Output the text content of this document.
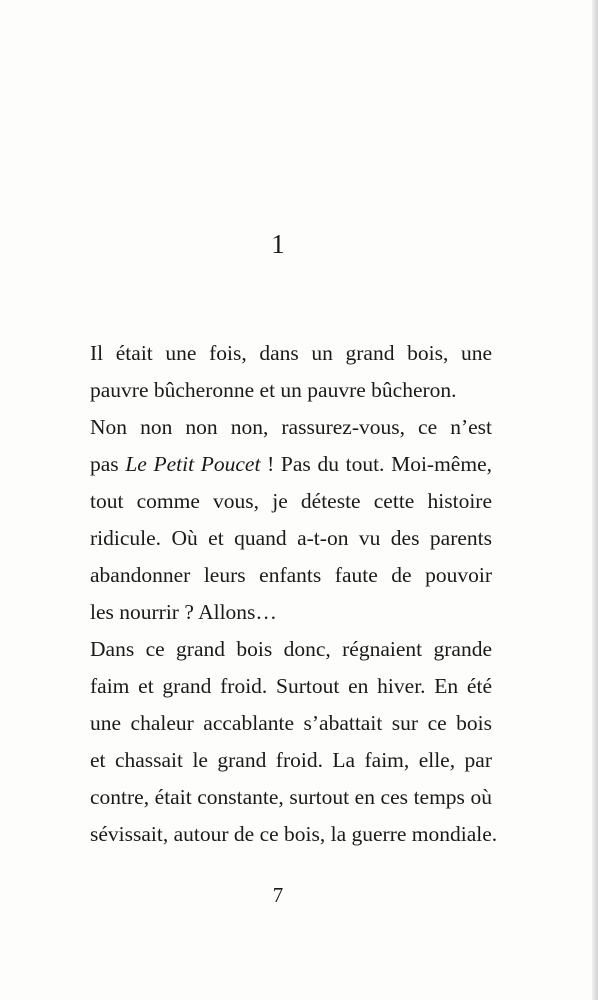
1
Il était une fois, dans un grand bois, une
pauvre bûcheronne et un pauvre bûcheron.
Non non non non, rassurez-vous, ce n’est
pas Le Petit Poucet ! Pas du tout. Moi-même,
tout comme vous, je déteste cette histoire
ridicule. Où et quand a-t-on vu des parents
abandonner leurs enfants faute de pouvoir
les nourrir ? Allons…
Dans ce grand bois donc, régnaient grande
faim et grand froid. Surtout en hiver. En été
une chaleur accablante s’abattait sur ce bois
et chassait le grand froid. La faim, elle, par
contre, était constante, surtout en ces temps où
sévissait, autour de ce bois, la guerre mondiale.
7
